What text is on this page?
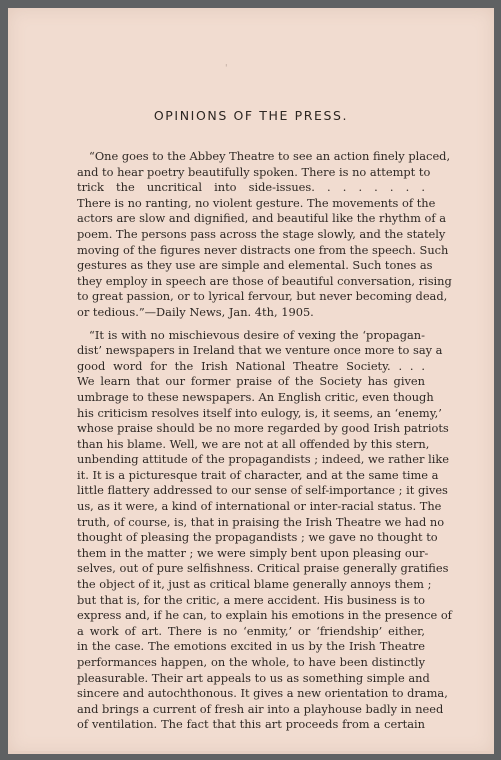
'
OPINIONS OF THE PRESS.
“One goes to the Abbey Theatre to see an action finely placed,
and to hear poetry beautifully spoken. There is no attempt to
trick the uncritical into side-issues. . . . . . . .
There is no ranting, no violent gesture. The movements of the
actors are slow and dignified, and beautiful like the rhythm of a
poem. The persons pass across the stage slowly, and the stately
moving of the figures never distracts one from the speech. Such
gestures as they use are simple and elemental. Such tones as
they employ in speech are those of beautiful conversation, rising
to great passion, or to lyrical fervour, but never becoming dead,
or tedious.”—Daily News, Jan. 4th, 1905.
“It is with no mischievous desire of vexing the ‘propagan-
dist’ newspapers in Ireland that we venture once more to say a
good word for the Irish National Theatre Society. . . .
We learn that our former praise of the Society has given
umbrage to these newspapers. An English critic, even though
his criticism resolves itself into eulogy, is, it seems, an ‘enemy,’
whose praise should be no more regarded by good Irish patriots
than his blame. Well, we are not at all offended by this stern,
unbending attitude of the propagandists ; indeed, we rather like
it. It is a picturesque trait of character, and at the same time a
little flattery addressed to our sense of self-importance ; it gives
us, as it were, a kind of international or inter-racial status. The
truth, of course, is, that in praising the Irish Theatre we had no
thought of pleasing the propagandists ; we gave no thought to
them in the matter ; we were simply bent upon pleasing our-
selves, out of pure selfishness. Critical praise generally gratifies
the object of it, just as critical blame generally annoys them ;
but that is, for the critic, a mere accident. His business is to
express and, if he can, to explain his emotions in the presence of
a work of art. There is no ‘enmity,’ or ‘friendship’ either,
in the case. The emotions excited in us by the Irish Theatre
performances happen, on the whole, to have been distinctly
pleasurable. Their art appeals to us as something simple and
sincere and autochthonous. It gives a new orientation to drama,
and brings a current of fresh air into a playhouse badly in need
of ventilation. The fact that this art proceeds from a certain
